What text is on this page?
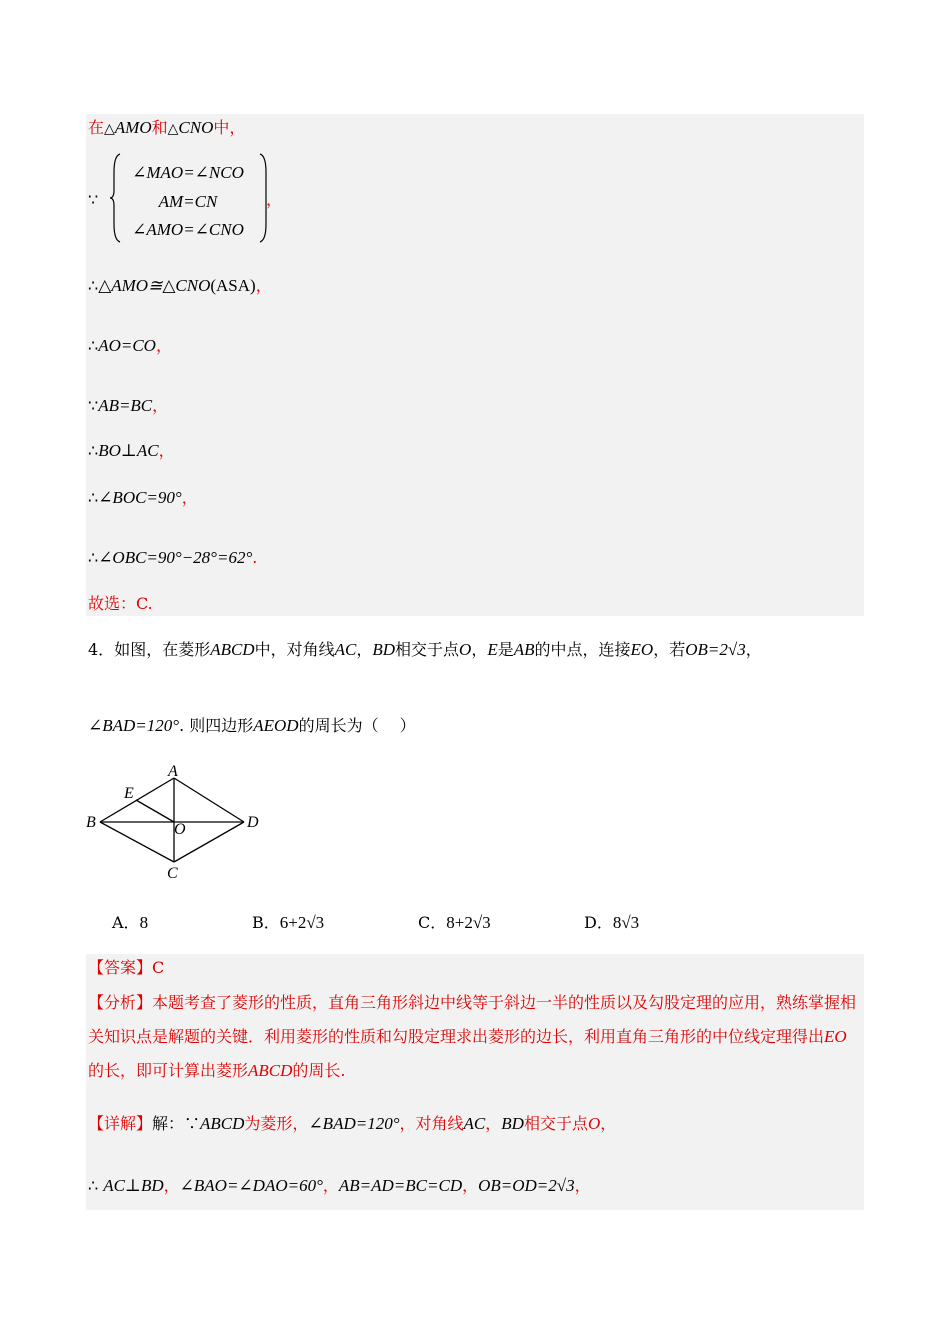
在△AMO和△CNO中，
∵
∠MAO=∠NCO
AM=CN
∠AMO=∠CNO
，
∴△AMO≅△CNO(ASA)，
∴AO=CO，
∵AB=BC，
∴BO⊥AC，
∴∠BOC=90°，
∴∠OBC=90°−28°=62°.
故选：C.
4．如图，在菱形ABCD中，对角线AC，BD相交于点O，E是AB的中点，连接EO，若OB=2√3，
∠BAD=120°. 则四边形AEOD的周长为（　 ）
A
B
C
D
E
O
A．8	B．6+2√3	C．8+2√3	D．8√3
【答案】C
【分析】本题考查了菱形的性质，直角三角形斜边中线等于斜边一半的性质以及勾股定理的应用，熟练掌握相关知识点是解题的关键．利用菱形的性质和勾股定理求出菱形的边长，利用直角三角形的中位线定理得出EO的长，即可计算出菱形ABCD的周长.
【详解】解：∵ABCD为菱形，∠BAD=120°，对角线AC，BD相交于点O，
∴ AC⊥BD，∠BAO=∠DAO=60°，AB=AD=BC=CD，OB=OD=2√3，
